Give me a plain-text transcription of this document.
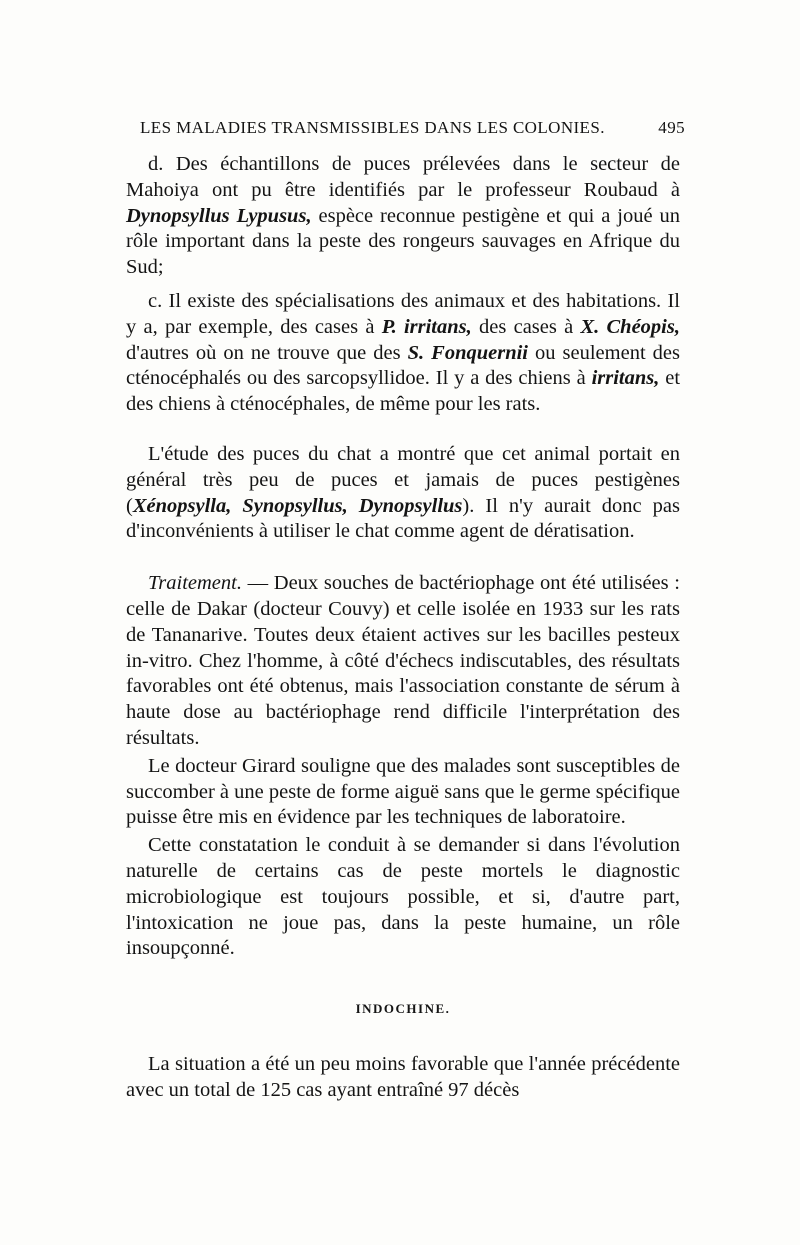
LES MALADIES TRANSMISSIBLES DANS LES COLONIES.	495

d. Des échantillons de puces prélevées dans le secteur de Mahoiya ont pu être identifiés par le professeur Roubaud à Dynopsyllus Lypusus, espèce reconnue pestigène et qui a joué un rôle important dans la peste des rongeurs sauvages en Afrique du Sud;

c. Il existe des spécialisations des animaux et des habitations. Il y a, par exemple, des cases à P. irritans, des cases à X. Chéopis, d'autres où on ne trouve que des S. Fonquernii ou seulement des cténocéphalés ou des sarcopsyllidoe. Il y a des chiens à irritans, et des chiens à cténocéphales, de même pour les rats.

L'étude des puces du chat a montré que cet animal portait en général très peu de puces et jamais de puces pestigènes (Xénopsylla, Synopsyllus, Dynopsyllus). Il n'y aurait donc pas d'inconvénients à utiliser le chat comme agent de dératisation.

Traitement. — Deux souches de bactériophage ont été utilisées : celle de Dakar (docteur Couvy) et celle isolée en 1933 sur les rats de Tananarive. Toutes deux étaient actives sur les bacilles pesteux in-vitro. Chez l'homme, à côté d'échecs indiscutables, des résultats favorables ont été obtenus, mais l'association constante de sérum à haute dose au bactériophage rend difficile l'interprétation des résultats.

Le docteur Girard souligne que des malades sont susceptibles de succomber à une peste de forme aiguë sans que le germe spécifique puisse être mis en évidence par les techniques de laboratoire.

Cette constatation le conduit à se demander si dans l'évolution naturelle de certains cas de peste mortels le diagnostic microbiologique est toujours possible, et si, d'autre part, l'intoxication ne joue pas, dans la peste humaine, un rôle insoupçonné.

INDOCHINE.

La situation a été un peu moins favorable que l'année précédente avec un total de 125 cas ayant entraîné 97 décès
